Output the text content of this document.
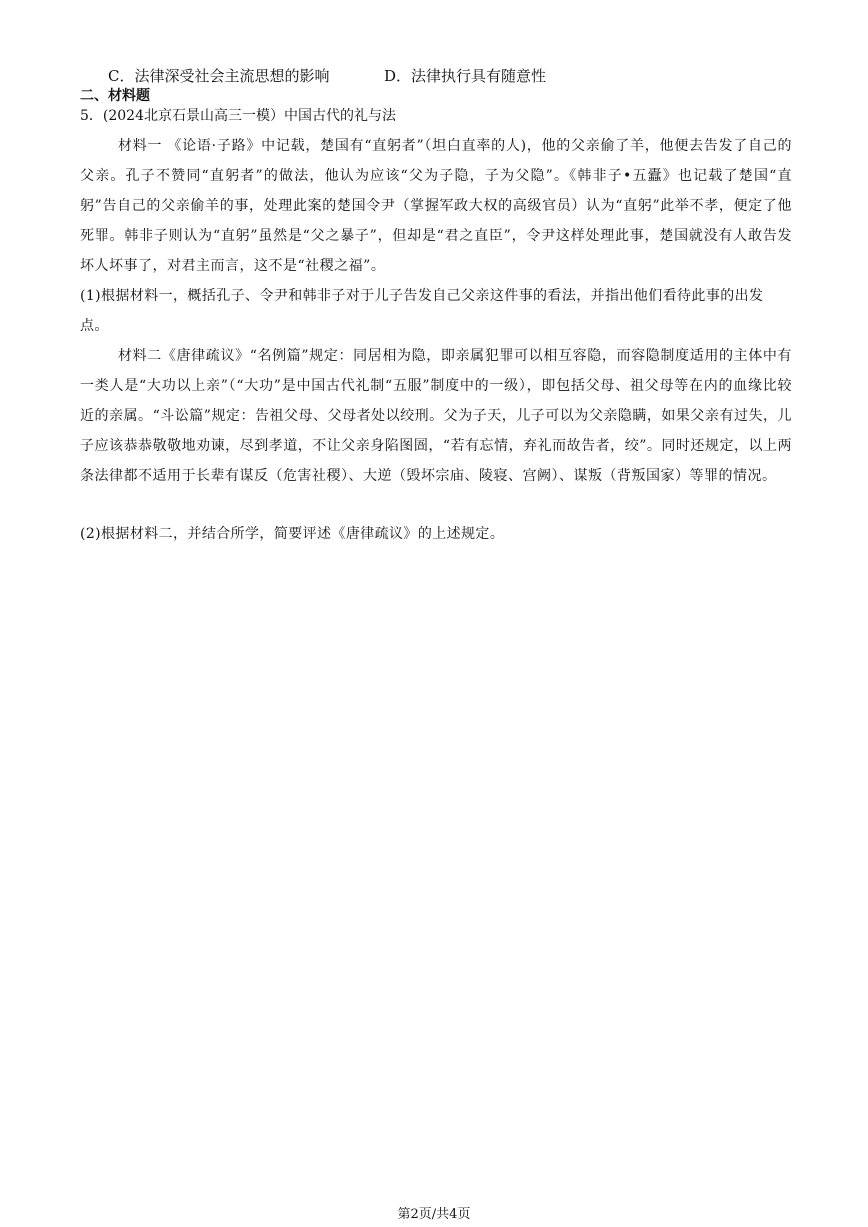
C．法律深受社会主流思想的影响	D．法律执行具有随意性
二、材料题
5．(2024北京石景山高三一模）中国古代的礼与法
材料一 《论语·子路》中记载，楚国有“直躬者”（坦白直率的人)，他的父亲偷了羊，他便去告发了自己的父亲。孔子不赞同“直躬者”的做法，他认为应该“父为子隐，子为父隐”。《韩非子•五蠹》也记载了楚国“直躬”告自己的父亲偷羊的事，处理此案的楚国令尹（掌握军政大权的高级官员）认为“直躬”此举不孝，便定了他死罪。韩非子则认为“直躬”虽然是“父之暴子”，但却是“君之直臣”，令尹这样处理此事，楚国就没有人敢告发坏人坏事了，对君主而言，这不是“社稷之福”。
(1)根据材料一，概括孔子、令尹和韩非子对于儿子告发自己父亲这件事的看法，并指出他们看待此事的出发点。
材料二《唐律疏议》“名例篇”规定：同居相为隐，即亲属犯罪可以相互容隐，而容隐制度适用的主体中有一类人是“大功以上亲”（“大功”是中国古代礼制“五服”制度中的一级），即包括父母、祖父母等在内的血缘比较近的亲属。“斗讼篇”规定：告祖父母、父母者处以绞刑。父为子天，儿子可以为父亲隐瞒，如果父亲有过失，儿子应该恭恭敬敬地劝谏，尽到孝道，不让父亲身陷图圄，“若有忘情，弃礼而故告者，绞”。同时还规定，以上两条法律都不适用于长辈有谋反（危害社稷）、大逆（毁坏宗庙、陵寝、宫阙）、谋叛（背叛国家）等罪的情况。
(2)根据材料二，并结合所学，简要评述《唐律疏议》的上述规定。
第2页/共4页
